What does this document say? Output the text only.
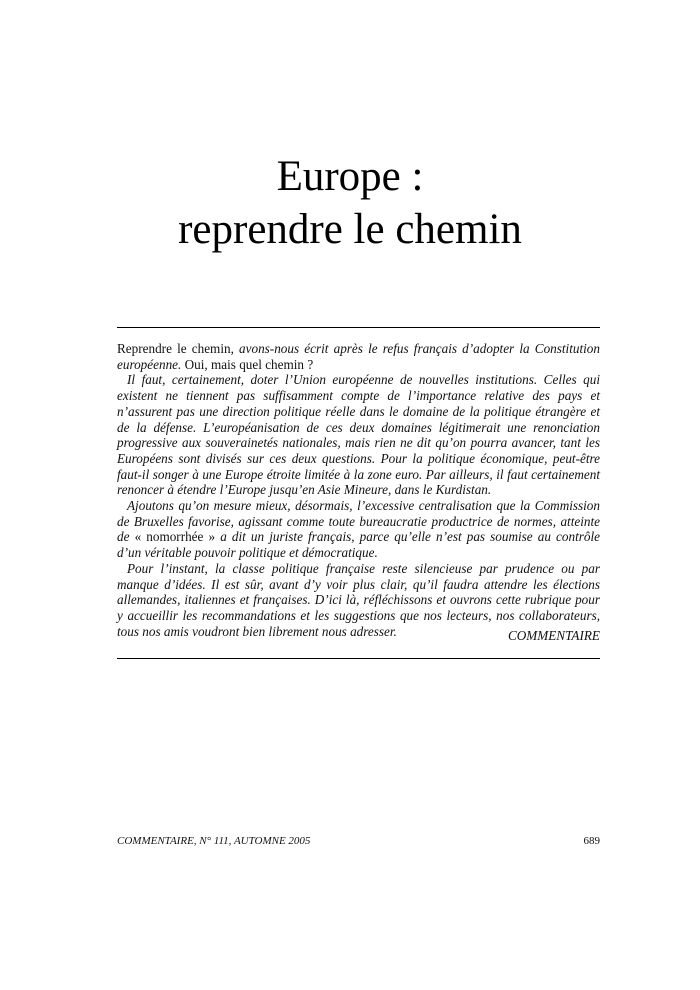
Europe :
reprendre le chemin

Reprendre le chemin, avons-nous écrit après le refus français d’adopter la Constitution européenne. Oui, mais quel chemin ?

Il faut, certainement, doter l’Union européenne de nouvelles institutions. Celles qui existent ne tiennent pas suffisamment compte de l’importance relative des pays et n’assurent pas une direction politique réelle dans le domaine de la politique étrangère et de la défense. L’européanisation de ces deux domaines légitimerait une renonciation progressive aux souverainetés nationales, mais rien ne dit qu’on pourra avancer, tant les Européens sont divisés sur ces deux questions. Pour la politique économique, peut-être faut-il songer à une Europe étroite limitée à la zone euro. Par ailleurs, il faut certainement renoncer à étendre l’Europe jusqu’en Asie Mineure, dans le Kurdistan.

Ajoutons qu’on mesure mieux, désormais, l’excessive centralisation que la Commission de Bruxelles favorise, agissant comme toute bureaucratie productrice de normes, atteinte de « nomorrhée » a dit un juriste français, parce qu’elle n’est pas soumise au contrôle d’un véritable pouvoir politique et démocratique.

Pour l’instant, la classe politique française reste silencieuse par prudence ou par manque d’idées. Il est sûr, avant d’y voir plus clair, qu’il faudra attendre les élections allemandes, italiennes et françaises. D’ici là, réfléchissons et ouvrons cette rubrique pour y accueillir les recommandations et les suggestions que nos lecteurs, nos collaborateurs, tous nos amis voudront bien librement nous adresser.	COMMENTAIRE
COMMENTAIRE, N° 111, AUTOMNE 2005	689
